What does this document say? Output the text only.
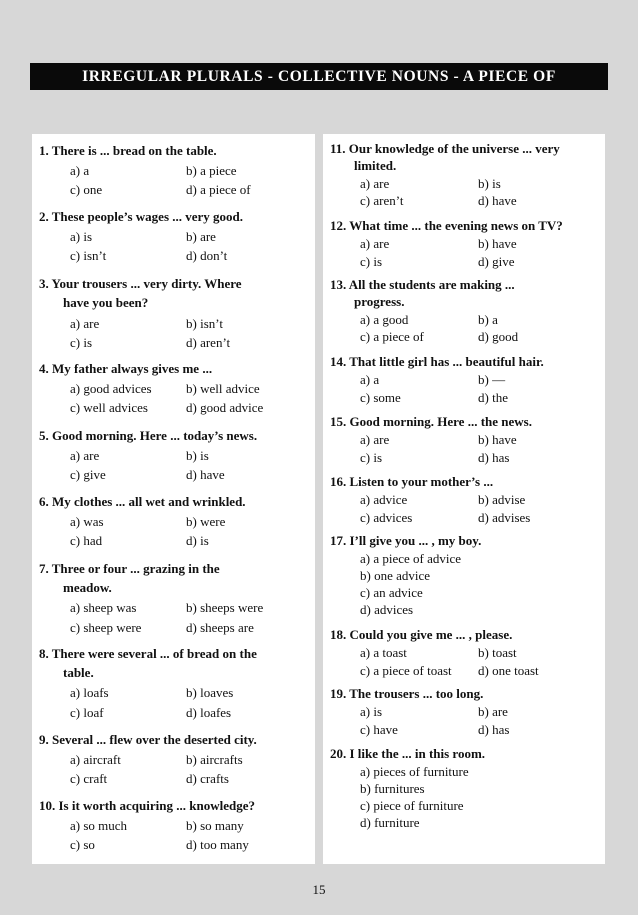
IRREGULAR PLURALS - COLLECTIVE NOUNS - A PIECE OF
1. There is ... bread on the table.
a) a	b) a piece
c) one	d) a piece of
2. These people’s wages ... very good.
a) is	b) are
c) isn’t	d) don’t
3. Your trousers ... very dirty. Where
have you been?
a) are	b) isn’t
c) is	d) aren’t
4. My father always gives me ...
a) good advices	b) well advice
c) well advices	d) good advice
5. Good morning. Here ... today’s news.
a) are	b) is
c) give	d) have
6. My clothes ... all wet and wrinkled.
a) was	b) were
c) had	d) is
7. Three or four ... grazing in the
meadow.
a) sheep was	b) sheeps were
c) sheep were	d) sheeps are
8. There were several ... of bread on the
table.
a) loafs	b) loaves
c) loaf	d) loafes
9. Several ... flew over the deserted city.
a) aircraft	b) aircrafts
c) craft	d) crafts
10. Is it worth acquiring ... knowledge?
a) so much	b) so many
c) so	d) too many
11. Our knowledge of the universe ... very
limited.
a) are	b) is
c) aren’t	d) have
12. What time ... the evening news on TV?
a) are	b) have
c) is	d) give
13. All the students are making ...
progress.
a) a good	b) a
c) a piece of	d) good
14. That little girl has ... beautiful hair.
a) a	b) —
c) some	d) the
15. Good morning. Here ... the news.
a) are	b) have
c) is	d) has
16. Listen to your mother’s ...
a) advice	b) advise
c) advices	d) advises
17. I’ll give you ... , my boy.
a) a piece of advice
b) one advice
c) an advice
d) advices
18. Could you give me ... , please.
a) a toast	b) toast
c) a piece of toast d) one toast
19. The trousers ... too long.
a) is	b) are
c) have	d) has
20. I like the ... in this room.
a) pieces of furniture
b) furnitures
c) piece of furniture
d) furniture
15
